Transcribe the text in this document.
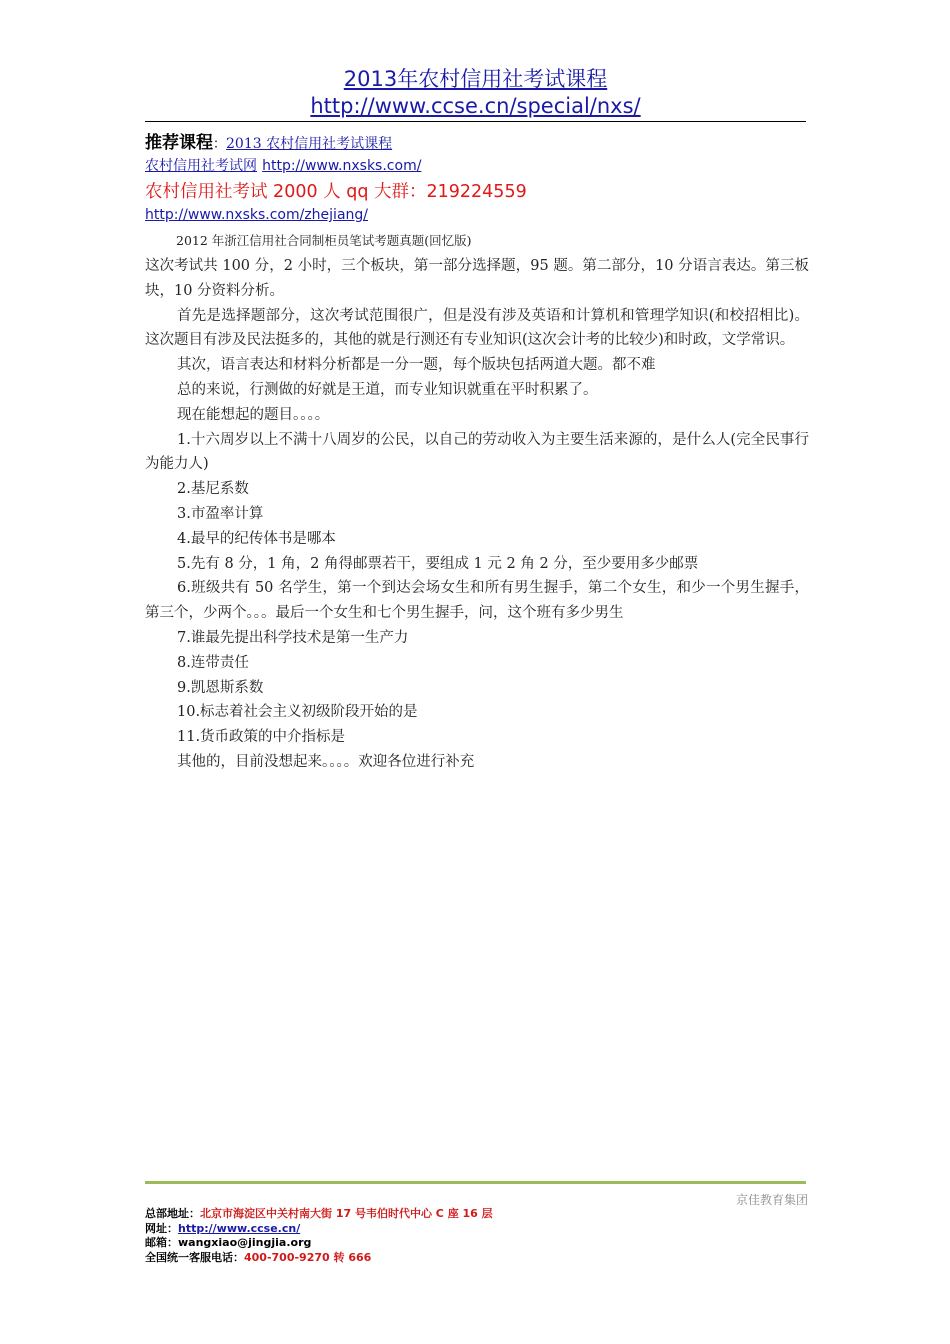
2013年农村信用社考试课程
http://www.ccse.cn/special/nxs/
推荐课程：2013 农村信用社考试课程
农村信用社考试网 http://www.nxsks.com/
农村信用社考试 2000 人 qq 大群：219224559
http://www.nxsks.com/zhejiang/
2012 年浙江信用社合同制柜员笔试考题真题(回忆版)

这次考试共 100 分，2 小时，三个板块，第一部分选择题，95 题。第二部分，10 分语言表达。第三板块，10 分资料分析。

首先是选择题部分，这次考试范围很广，但是没有涉及英语和计算机和管理学知识(和校招相比)。这次题目有涉及民法挺多的，其他的就是行测还有专业知识(这次会计考的比较少)和时政，文学常识。

其次，语言表达和材料分析都是一分一题，每个版块包括两道大题。都不难

总的来说，行测做的好就是王道，而专业知识就重在平时积累了。

现在能想起的题目。。。。

1.十六周岁以上不满十八周岁的公民，以自己的劳动收入为主要生活来源的，是什么人(完全民事行为能力人)

2.基尼系数

3.市盈率计算

4.最早的纪传体书是哪本

5.先有 8 分，1 角，2 角得邮票若干，要组成 1 元 2 角 2 分，至少要用多少邮票

6.班级共有 50 名学生，第一个到达会场女生和所有男生握手，第二个女生，和少一个男生握手，第三个，少两个。。。最后一个女生和七个男生握手，问，这个班有多少男生

7.谁最先提出科学技术是第一生产力

8.连带责任

9.凯恩斯系数

10.标志着社会主义初级阶段开始的是

11.货币政策的中介指标是

其他的，目前没想起来。。。。欢迎各位进行补充

京佳教育集团
总部地址：北京市海淀区中关村南大街 17 号韦伯时代中心 C 座 16 层
网址：http://www.ccse.cn/
邮箱：wangxiao@jingjia.org
全国统一客服电话：400-700-9270 转 666
